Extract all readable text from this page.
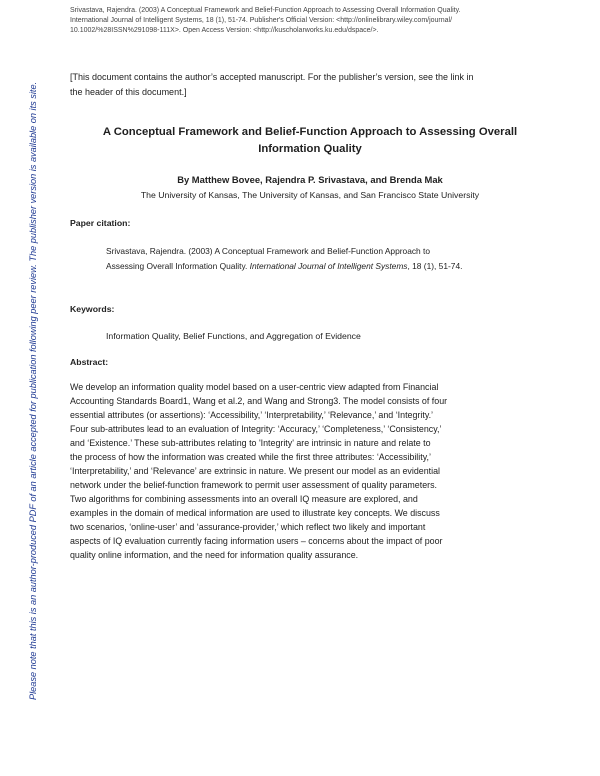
Srivastava, Rajendra. (2003) A Conceptual Framework and Belief-Function Approach to Assessing Overall Information Quality.
International Journal of Intelligent Systems, 18 (1), 51-74. Publisher's Official Version: <http://onlinelibrary.wiley.com/journal/
10.1002/%28ISSN%291098-111X>. Open Access Version: <http://kuscholarworks.ku.edu/dspace/>.
Please note that this is an author-produced PDF of an article accepted for publication following peer review. The publisher version is available on its site.
[This document contains the author’s accepted manuscript. For the publisher’s version, see the link in
the header of this document.]
A Conceptual Framework and Belief-Function Approach to Assessing Overall
Information Quality
By Matthew Bovee, Rajendra P. Srivastava, and Brenda Mak
The University of Kansas, The University of Kansas, and San Francisco State University
Paper citation:
Srivastava, Rajendra. (2003) A Conceptual Framework and Belief-Function Approach to
Assessing Overall Information Quality. International Journal of Intelligent Systems, 18 (1), 51-74.
Keywords:
Information Quality, Belief Functions, and Aggregation of Evidence
Abstract:
We develop an information quality model based on a user-centric view adapted from Financial
Accounting Standards Board1, Wang et al.2, and Wang and Strong3. The model consists of four
essential attributes (or assertions): ‘Accessibility,’ ‘Interpretability,’ ‘Relevance,’ and ‘Integrity.’
Four sub-attributes lead to an evaluation of Integrity: ‘Accuracy,’ ‘Completeness,’ ‘Consistency,’
and ‘Existence.’ These sub-attributes relating to 'Integrity' are intrinsic in nature and relate to
the process of how the information was created while the first three attributes: ‘Accessibility,’
‘Interpretability,’ and ‘Relevance’ are extrinsic in nature. We present our model as an evidential
network under the belief-function framework to permit user assessment of quality parameters.
Two algorithms for combining assessments into an overall IQ measure are explored, and
examples in the domain of medical information are used to illustrate key concepts. We discuss
two scenarios, ‘online-user’ and ‘assurance-provider,’ which reflect two likely and important
aspects of IQ evaluation currently facing information users – concerns about the impact of poor
quality online information, and the need for information quality assurance.
